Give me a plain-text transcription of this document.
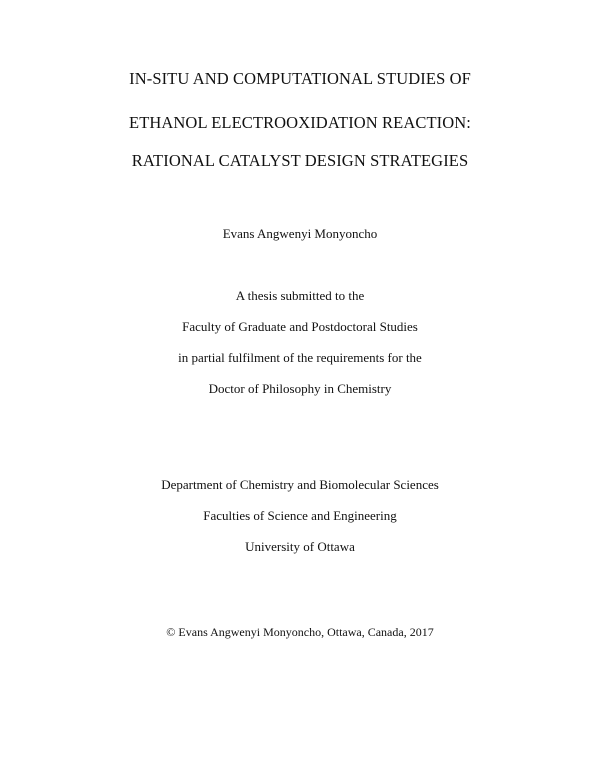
IN-SITU AND COMPUTATIONAL STUDIES OF
ETHANOL ELECTROOXIDATION REACTION:
RATIONAL CATALYST DESIGN STRATEGIES
Evans Angwenyi Monyoncho
A thesis submitted to the
Faculty of Graduate and Postdoctoral Studies
in partial fulfilment of the requirements for the
Doctor of Philosophy in Chemistry
Department of Chemistry and Biomolecular Sciences
Faculties of Science and Engineering
University of Ottawa
© Evans Angwenyi Monyoncho, Ottawa, Canada, 2017
